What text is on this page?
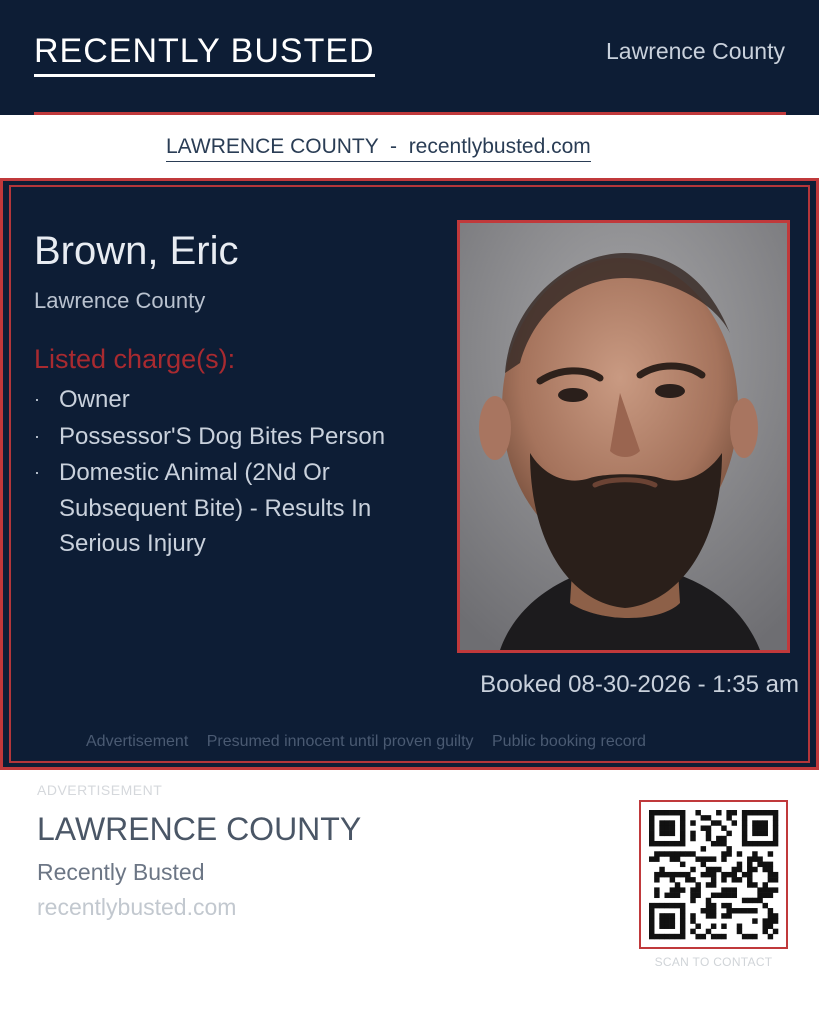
RECENTLY BUSTED	Lawrence County
LAWRENCE COUNTY  -  recentlybusted.com
Brown, Eric
Lawrence County
Listed charge(s):
· Owner
· Possessor'S Dog Bites Person
· Domestic Animal (2Nd Or Subsequent Bite) - Results In Serious Injury
Booked 08-30-2026 - 1:35 am
Advertisement Presumed innocent until proven guilty Public booking record
ADVERTISEMENT
LAWRENCE COUNTY
Recently Busted
recentlybusted.com
SCAN TO CONTACT
